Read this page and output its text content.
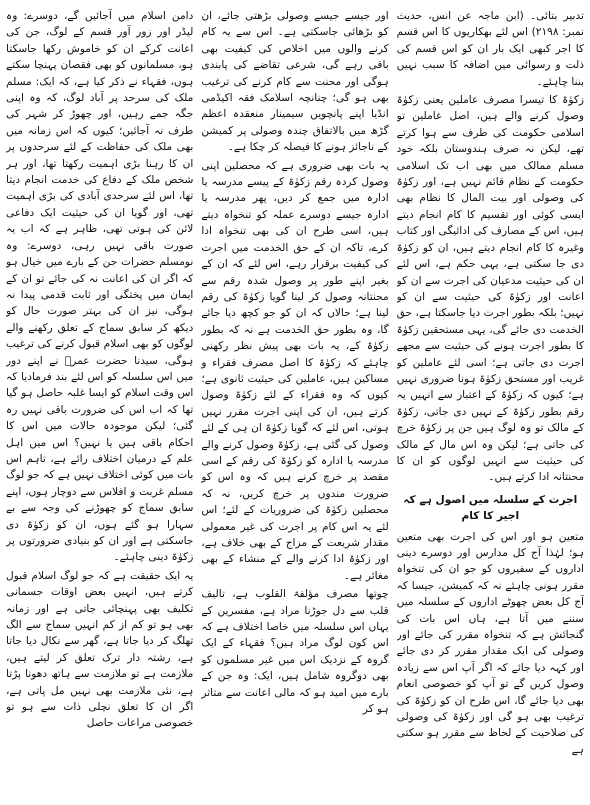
تدبیر بتائی۔ (ابن ماجہ عن انس، حدیث نمبر: ۲۱۹۸) اس لئے بھکاریوں کا اس قسم کا اجر کبھی ایک بار ان کو اس قسم کی ذلت و رسوائی میں اضافہ کا سبب نہیں بننا چاہئے۔

زکوٰۃ کا تیسرا مصرف عاملین یعنی زکوٰۃ وصول کرنے والے ہیں، اصل عاملین تو اسلامی حکومت کی طرف سے ہوا کرتے تھے، لیکن نہ صرف ہندوستان بلکہ خود مسلم ممالک میں بھی اب تک اسلامی حکومت کے نظام قائم نہیں ہے، اور زکوٰۃ کی وصولی اور بیت المال کا نظام بھی ایسی کوئی اور تقسیم کا کام انجام دیتے ہیں، اس کے مصارف کی ادائیگی اور کتاب وغیرہ کا کام انجام دیتے ہیں، ان کو زکوٰۃ دی جا سکتی ہے، یہی حکم ہے، اس لئے ان کی حیثیت مدعیان کی اجرت سے ان کو اعانت اور زکوٰۃ کی حیثیت سے ان کو نہیں؛ بلکہ بطور اجرت دیا جاسکتا ہے، حق الخدمت دی جائے گی، یہی مستحقین زکوٰۃ کا بطور اجرت ہونے کی حیثیت سے مجھے اجرت دی جاتی ہے؛ اسی لئے عاملین کو غریب اور مستحق زکوٰۃ ہونا ضروری نہیں ہے؛ کیوں کہ زکوٰۃ کے اعتبار سے انہیں یہ رقم بطور زکوٰۃ کے نہیں دی جاتی، زکوٰۃ کے مالک تو وہ لوگ ہیں جن پر زکوٰۃ خرچ کی جاتی ہے؛ لیکن وہ اس مال کے مالک کی حیثیت سے انہیں لوگوں کو ان کا محنتانہ ادا کرتے ہیں۔

اجرت کے سلسلہ میں اصول ہے کہ اجیر کا کام

متعین ہو اور اس کی اجرت بھی متعین ہو؛ لہٰذا آج کل مدارس اور دوسرے دینی اداروں کے سفیروں کو جو ان کی تنخواہ مقرر ہونی چاہئے نہ کہ کمیشن، جیسا کہ آج کل بعض چھوٹے اداروں کے سلسلہ میں سننے میں آتا ہے، ہاں اس بات کی گنجائش ہے کہ تنخواہ مقرر کی جائے اور وصولی کی ایک مقدار مقرر کر دی جائے اور کہہ دیا جائے کہ اگر آپ اس سے زیادہ وصول کریں گے تو آپ کو خصوصی انعام بھی دیا جائے گا، اس طرح ان کو زکوٰۃ کی ترغیب بھی ہو گی اور زکوٰۃ کی وصولی کی صلاحیت کے لحاظ سے مقرر ہو سکتی ہے

اور جیسے جیسے وصولی بڑھتی جائے، ان کو بڑھائی جاسکتی ہے۔ اس سے یہ کام کرنے والوں میں اخلاص کی کیفیت بھی باقی رہے گی، شرعی تقاضے کی پابندی ہوگی اور محنت سے کام کرنے کی ترغیب بھی ہو گی؛ چنانچہ اسلامک فقہ اکیڈمی انڈیا اپنے پانچویں سیمینار منعقدہ اعظم گڑھ میں بالاتفاق چندہ وصولی پر کمیشن کے ناجائز ہونے کا فیصلہ کر چکا ہے۔

یہ بات بھی ضروری ہے کہ محصلین اپنی وصول کردہ رقم زکوٰۃ کے پیسے مدرسہ یا ادارہ میں جمع کر دیں، پھر مدرسہ یا ادارہ جیسے دوسرے عملہ کو تنخواہ دیتے ہیں، اسی طرح ان کی بھی تنخواہ ادا کرے، تاکہ ان کے حق الخدمت میں اجرت کی کیفیت برقرار رہے، اس لئے کہ ان کے بغیر اپنے طور پر وصول شدہ رقم سے محنتانہ وصول کر لینا گویا زکوٰۃ کی رقم لینا ہے؛ حالاں کہ ان کو جو کچھ دیا جائے گا، وہ بطور حق الخدمت ہے نہ کہ بطور زکوٰۃ کے، یہ بات بھی پیش نظر رکھنی چاہئے کہ زکوٰۃ کا اصل مصرف فقراء و مساکین ہیں، عاملین کی حیثیت ثانوی ہے؛ کیوں کہ وہ فقراء کے لئے زکوٰۃ وصول کرتے ہیں، ان کی اپنی اجرت مقرر نہیں ہوتی، اس لئے کہ گویا زکوٰۃ ان ہی کے لئے وصول کی گئی ہے، زکوٰۃ وصول کرنے والے مدرسہ یا ادارہ کو زکوٰۃ کی رقم کے اسی مقصد پر خرچ کرنے ہیں کہ وہ اس کو ضرورت مندوں پر خرچ کریں، نہ کہ محصلین زکوٰۃ کی ضروریات کے لئے؛ اس لئے یہ اس کام پر اجرت کی غیر معمولی مقدار شریعت کے مزاج کے بھی خلاف ہے، اور زکوٰۃ ادا کرنے والے کے منشاء کے بھی مغائر ہے۔

چوتھا مصرف مؤلفۃ القلوب ہے، تالیف قلب سے دل جوڑنا مراد ہے، مفسرین کے یہاں اس سلسلہ میں خاصا اختلاف ہے کہ اس کون لوگ مراد ہیں؟ فقہاء کے ایک گروہ کے نزدیک اس میں غیر مسلموں کو بھی دوگروہ شامل ہیں، ایک: وہ جن کے بارے میں امید ہو کہ مالی اعانت سے متاثر ہو کر

دامن اسلام میں آجائیں گے، دوسرے: وہ لیڈر اور زور آور قسم کے لوگ، جن کی اعانت کرکے ان کو خاموش رکھا جاسکتا ہو، مسلمانوں کو بھی فقصان پہنچا سکتے ہوں، فقہاء نے ذکر کیا ہے، کہ ایک: مسلم ملک کی سرحد پر آباد لوگ، کہ وہ اپنی جگہ جمے رہیں، اور چھوڑ کر شہر کی طرف نہ آجائیں؛ کیوں کہ اس زمانہ میں بھی ملک کی حفاظت کے لئے سرحدوں پر ان کا رہنا بڑی اہمیت رکھتا تھا، اور ہر شخص ملک کے دفاع کی خدمت انجام دیتا تھا، اس لئے سرحدی آبادی کی بڑی اہمیت تھی، اور گویا ان کی حیثیت ایک دفاعی لائن کی ہوتی تھی، ظاہر ہے کہ اب یہ صورت باقی نہیں رہی، دوسرے: وہ نومسلم حضرات جن کے بارے میں خیال ہو کہ اگر ان کی اعانت نہ کی جائے تو ان کے ایمان میں پختگی اور ثابت قدمی پیدا نہ ہوگی، نیز ان کی بہتر صورت حال کو دیکھ کر سابق سماج کے تعلق رکھنے والے لوگوں کو بھی اسلام قبول کرنے کی ترغیب ہوگی، سیدنا حضرت عمرؓ نے اپنے دور میں اس سلسلہ کو اس لئے بند فرمادیا کہ اس وقت اسلام کو ایسا غلبہ حاصل ہو گیا تھا کہ اب اس کی ضرورت باقی نہیں رہ گئی؛ لیکن موجودہ حالات میں اس کا احکام باقی ہیں یا نہیں؟ اس میں اہل علم کے درمیان اختلاف رائے ہے، تاہم اس بات میں کوئی اختلاف نہیں ہے کہ جو لوگ مسلم غربت و افلاس سے دوچار ہوں، اپنے سابق سماج کو چھوڑنے کی وجہ سے بے سہارا ہو گئے ہوں، ان کو زکوٰۃ دی جاسکتی ہے اور ان کو بنیادی ضرورتوں پر زکوٰۃ دینی چاہئے۔

یہ ایک حقیقت ہے کہ جو لوگ اسلام قبول کرتے ہیں، انہیں بعض اوقات جسمانی تکلیف بھی پہنچائی جاتی ہے اور زمانہ بھی ہو تو کم از کم انہیں سماج سے الگ تھلگ کر دیا جاتا ہے، گھر سے نکال دیا جاتا ہے، رشتہ دار ترک تعلق کر لیتے ہیں، ملازمت ہے تو ملازمت سے ہاتھ دھونا پڑتا ہے، نئی ملازمت بھی نہیں مل پاتی ہے، اگر ان کا تعلق نچلی ذات سے ہو تو خصوصی مراعات حاصل
